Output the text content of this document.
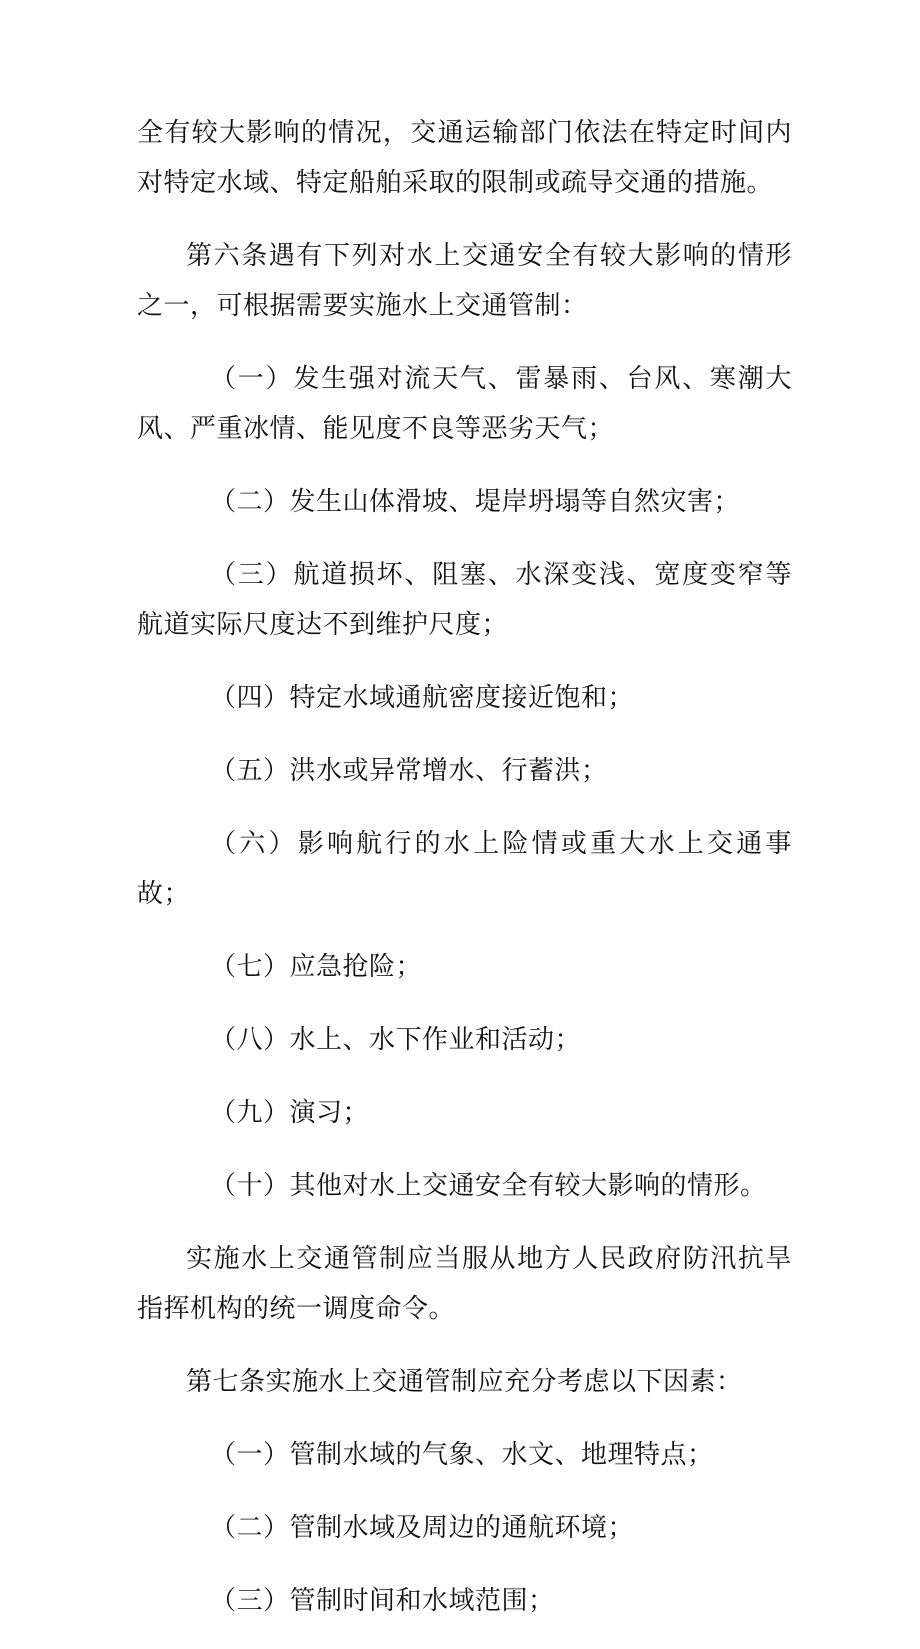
全有较大影响的情况，交通运输部门依法在特定时间内对特定水域、特定船舶采取的限制或疏导交通的措施。

第六条遇有下列对水上交通安全有较大影响的情形之一，可根据需要实施水上交通管制：

（一）发生强对流天气、雷暴雨、台风、寒潮大风、严重冰情、能见度不良等恶劣天气；

（二）发生山体滑坡、堤岸坍塌等自然灾害；

（三）航道损坏、阻塞、水深变浅、宽度变窄等航道实际尺度达不到维护尺度；

（四）特定水域通航密度接近饱和；

（五）洪水或异常增水、行蓄洪；

（六）影响航行的水上险情或重大水上交通事故；

（七）应急抢险；

（八）水上、水下作业和活动；

（九）演习；

（十）其他对水上交通安全有较大影响的情形。

实施水上交通管制应当服从地方人民政府防汛抗旱指挥机构的统一调度命令。

第七条实施水上交通管制应充分考虑以下因素：

（一）管制水域的气象、水文、地理特点；

（二）管制水域及周边的通航环境；

（三）管制时间和水域范围；
